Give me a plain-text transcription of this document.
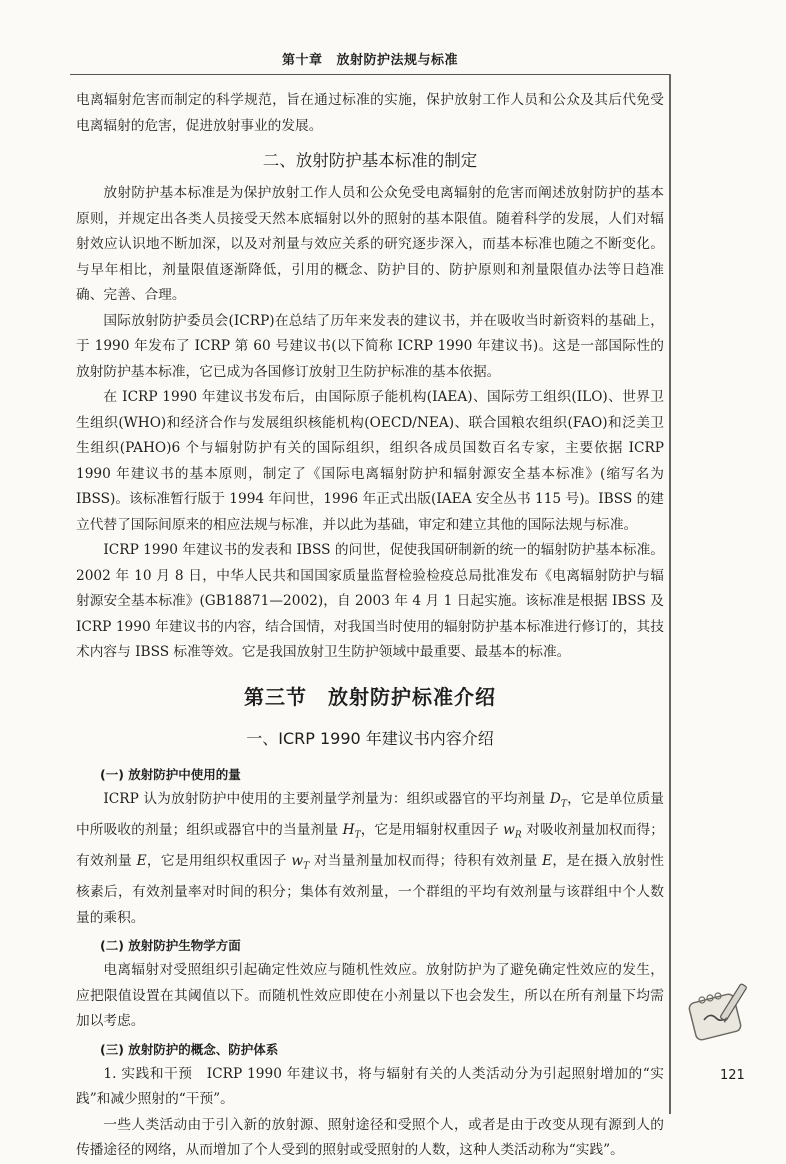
第十章 放射防护法规与标准

电离辐射危害而制定的科学规范，旨在通过标准的实施，保护放射工作人员和公众及其后代免受电离辐射的危害，促进放射事业的发展。

二、放射防护基本标准的制定

放射防护基本标准是为保护放射工作人员和公众免受电离辐射的危害而阐述放射防护的基本原则，并规定出各类人员接受天然本底辐射以外的照射的基本限值。随着科学的发展，人们对辐射效应认识地不断加深，以及对剂量与效应关系的研究逐步深入，而基本标准也随之不断变化。与早年相比，剂量限值逐渐降低，引用的概念、防护目的、防护原则和剂量限值办法等日趋准确、完善、合理。

国际放射防护委员会(ICRP)在总结了历年来发表的建议书，并在吸收当时新资料的基础上，于 1990 年发布了 ICRP 第 60 号建议书(以下简称 ICRP 1990 年建议书)。这是一部国际性的放射防护基本标准，它已成为各国修订放射卫生防护标准的基本依据。

在 ICRP 1990 年建议书发布后，由国际原子能机构(IAEA)、国际劳工组织(ILO)、世界卫生组织(WHO)和经济合作与发展组织核能机构(OECD/NEA)、联合国粮农组织(FAO)和泛美卫生组织(PAHO)6 个与辐射防护有关的国际组织，组织各成员国数百名专家，主要依据 ICRP 1990 年建议书的基本原则，制定了《国际电离辐射防护和辐射源安全基本标准》(缩写名为 IBSS)。该标准暂行版于 1994 年问世，1996 年正式出版(IAEA 安全丛书 115 号)。IBSS 的建立代替了国际间原来的相应法规与标准，并以此为基础，审定和建立其他的国际法规与标准。

ICRP 1990 年建议书的发表和 IBSS 的问世，促使我国研制新的统一的辐射防护基本标准。2002 年 10 月 8 日，中华人民共和国国家质量监督检验检疫总局批准发布《电离辐射防护与辐射源安全基本标准》(GB18871—2002)，自 2003 年 4 月 1 日起实施。该标准是根据 IBSS 及 ICRP 1990 年建议书的内容，结合国情，对我国当时使用的辐射防护基本标准进行修订的，其技术内容与 IBSS 标准等效。它是我国放射卫生防护领域中最重要、最基本的标准。

第三节　放射防护标准介绍
一、ICRP 1990 年建议书内容介绍
(一) 放射防护中使用的量

ICRP 认为放射防护中使用的主要剂量学剂量为：组织或器官的平均剂量 $D_T$，它是单位质量中所吸收的剂量；组织或器官中的当量剂量 $H_T$，它是用辐射权重因子 $w_R$ 对吸收剂量加权而得；有效剂量 E，它是用组织权重因子 $w_T$ 对当量剂量加权而得；待积有效剂量 E，是在摄入放射性核素后，有效剂量率对时间的积分；集体有效剂量，一个群组的平均有效剂量与该群组中个人数量的乘积。

(二) 放射防护生物学方面

电离辐射对受照组织引起确定性效应与随机性效应。放射防护为了避免确定性效应的发生，应把限值设置在其阈值以下。而随机性效应即使在小剂量以下也会发生，所以在所有剂量下均需加以考虑。

(三) 放射防护的概念、防护体系

1. 实践和干预　ICRP 1990 年建议书，将与辐射有关的人类活动分为引起照射增加的“实践”和减少照射的“干预”。

一些人类活动由于引入新的放射源、照射途径和受照个人，或者是由于改变从现有源到人的传播途径的网络，从而增加了个人受到的照射或受照射的人数，这种人类活动称为“实践”。

121
